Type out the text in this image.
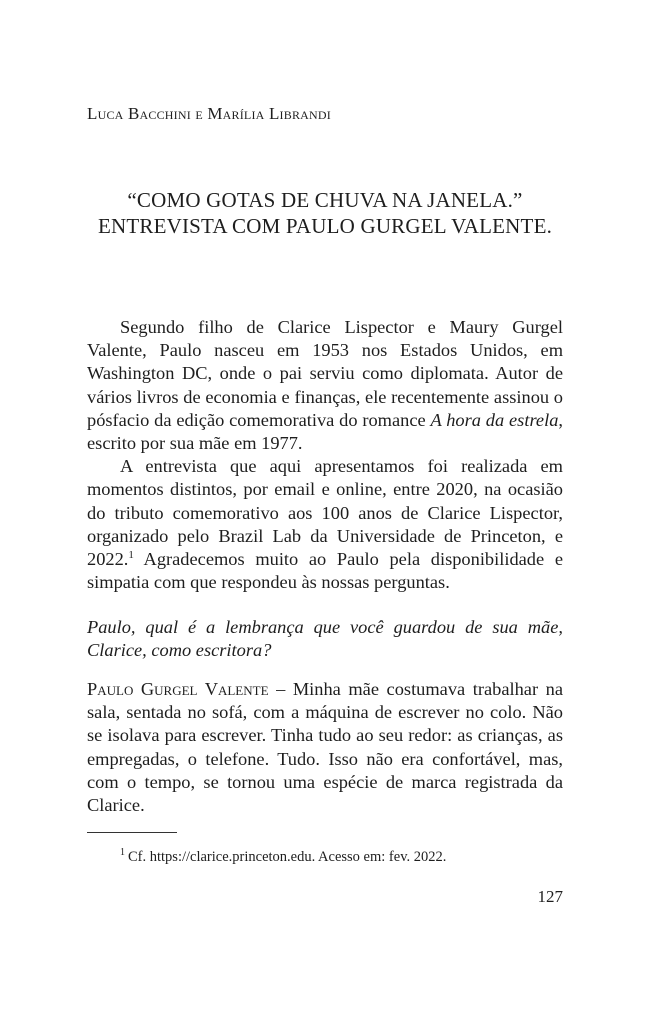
Luca Bacchini e Marília Librandi
“COMO GOTAS DE CHUVA NA JANELA.”
ENTREVISTA COM PAULO GURGEL VALENTE.

Segundo filho de Clarice Lispector e Maury Gurgel Valente, Paulo nasceu em 1953 nos Estados Unidos, em Washington DC, onde o pai serviu como diplomata. Autor de vários livros de economia e finanças, ele recentemente assinou o pósfacio da edição comemorativa do romance A hora da estrela, escrito por sua mãe em 1977.

A entrevista que aqui apresentamos foi realizada em momentos distintos, por email e online, entre 2020, na ocasião do tributo comemorativo aos 100 anos de Clarice Lispector, organizado pelo Brazil Lab da Universidade de Princeton, e 2022.$^1$ Agradecemos muito ao Paulo pela disponibilidade e simpatia com que respondeu às nossas perguntas.

Paulo, qual é a lembrança que você guardou de sua mãe, Clarice, como escritora?

Paulo Gurgel Valente – Minha mãe costumava trabalhar na sala, sentada no sofá, com a máquina de escrever no colo. Não se isolava para escrever. Tinha tudo ao seu redor: as crianças, as empregadas, o telefone. Tudo. Isso não era confortável, mas, com o tempo, se tornou uma espécie de marca registrada da Clarice.

$^1$ Cf. https://clarice.princeton.edu. Acesso em: fev. 2022.
127
